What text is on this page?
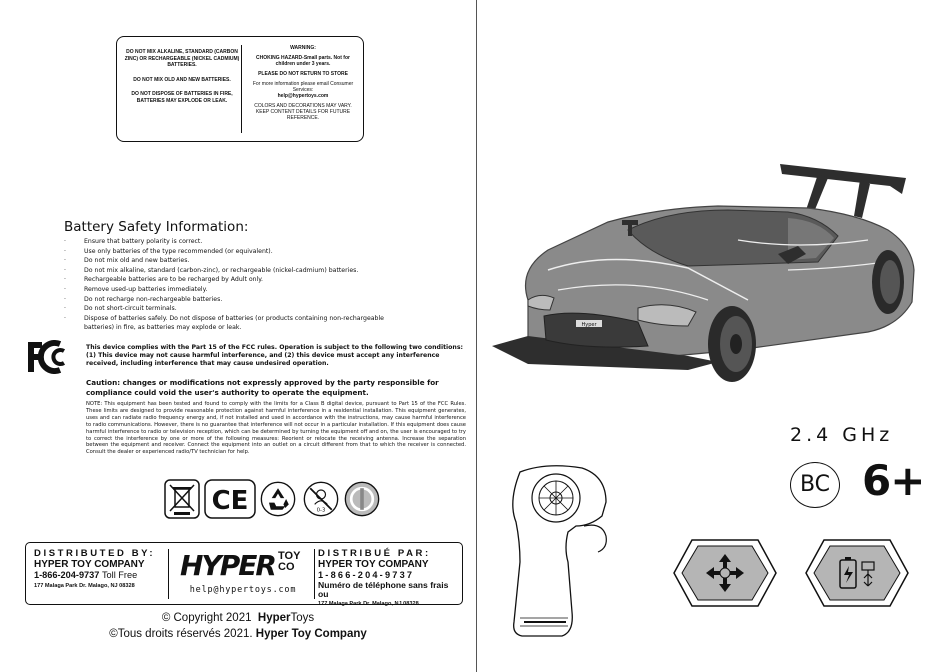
DO NOT MIX ALKALINE, STANDARD (CARBON ZINC) OR RECHARGEABLE (NICKEL CADMIUM) BATTERIES.

DO NOT MIX OLD AND NEW BATTERIES.

DO NOT DISPOSE OF BATTERIES IN FIRE, BATTERIES MAY EXPLODE OR LEAK.

WARNING:

CHOKING HAZARD-Small parts. Not for children under 3 years.

PLEASE DO NOT RETURN TO STORE

For more information please email Consumer Services:

help@hypertoys.com

COLORS AND DECORATIONS MAY VARY. KEEP CONTENT DETAILS FOR FUTURE REFERENCE.

Battery Safety Information:
· Ensure that battery polarity is correct.
· Use only batteries of the type recommended (or equivalent).
· Do not mix old and new batteries.
· Do not mix alkaline, standard (carbon-zinc), or rechargeable (nickel-cadmium) batteries.
· Rechargeable batteries are to be recharged by Adult only.
· Remove used-up batteries immediately.
· Do not recharge non-rechargeable batteries.
· Do not short-circuit terminals.
· Dispose of batteries safely. Do not dispose of batteries (or products containing non-rechargeable batteries) in fire, as batteries may explode or leak.
This device complies with the Part 15 of the FCC rules. Operation is subject to the following two conditions: (1) This device may not cause harmful interference, and (2) this device must accept any interference received, including interference that may cause undesired operation.
Caution: changes or modifications not expressly approved by the party responsible for compliance could void the user's authority to operate the equipment.
NOTE: This equipment has been tested and found to comply with the limits for a Class B digital device, pursuant to Part 15 of the FCC Rules. These limits are designed to provide reasonable protection against harmful interference in a residential installation. This equipment generates, uses and can radiate radio frequency energy and, if not installed and used in accordance with the instructions, may cause harmful interference to radio communications. However, there is no guarantee that interference will not occur in a particular installation. If this equipment does cause harmful interference to radio or television reception, which can be determined by turning the equipment off and on, the user is encouraged to try to correct the interference by one or more of the following measures: Reorient or relocate the receiving antenna. Increase the separation between the equipment and receiver. Connect the equipment into an outlet on a circuit different from that to which the receiver is connected. Consult the dealer or experienced radio/TV technician for help.
CE	0-3
DISTRIBUTED BY:
HYPER TOY COMPANY
1-866-204-9737 Toll Free
177 Malaga Park Dr. Malago, NJ 08328
HYPER TOY
CO
help@hypertoys.com
DISTRIBUÉ PAR:
HYPER TOY COMPANY
1-866-204-9737
Numéro de téléphone sans frais ou
177 Malaga Park Dr. Malago, NJ 08328
© Copyright 2021 HyperToys
©Tous droits réservés 2021. Hyper Toy Company
Hyper
2.4 GHz
BC 6+
